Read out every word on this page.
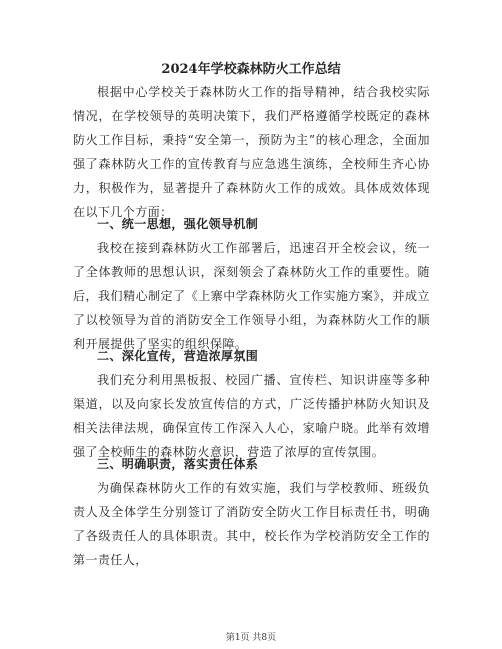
2024年学校森林防火工作总结

根据中心学校关于森林防火工作的指导精神，结合我校实际情况，在学校领导的英明决策下，我们严格遵循学校既定的森林防火工作目标，秉持“安全第一，预防为主”的核心理念，全面加强了森林防火工作的宣传教育与应急逃生演练，全校师生齐心协力，积极作为，显著提升了森林防火工作的成效。具体成效体现在以下几个方面：

一、统一思想，强化领导机制

我校在接到森林防火工作部署后，迅速召开全校会议，统一了全体教师的思想认识，深刻领会了森林防火工作的重要性。随后，我们精心制定了《上寨中学森林防火工作实施方案》，并成立了以校领导为首的消防安全工作领导小组，为森林防火工作的顺利开展提供了坚实的组织保障。

二、深化宣传，营造浓厚氛围

我们充分利用黑板报、校园广播、宣传栏、知识讲座等多种渠道，以及向家长发放宣传信的方式，广泛传播护林防火知识及相关法律法规，确保宣传工作深入人心，家喻户晓。此举有效增强了全校师生的森林防火意识，营造了浓厚的宣传氛围。

三、明确职责，落实责任体系

为确保森林防火工作的有效实施，我们与学校教师、班级负责人及全体学生分别签订了消防安全防火工作目标责任书，明确了各级责任人的具体职责。其中，校长作为学校消防安全工作的第一责任人，

第1页 共8页
